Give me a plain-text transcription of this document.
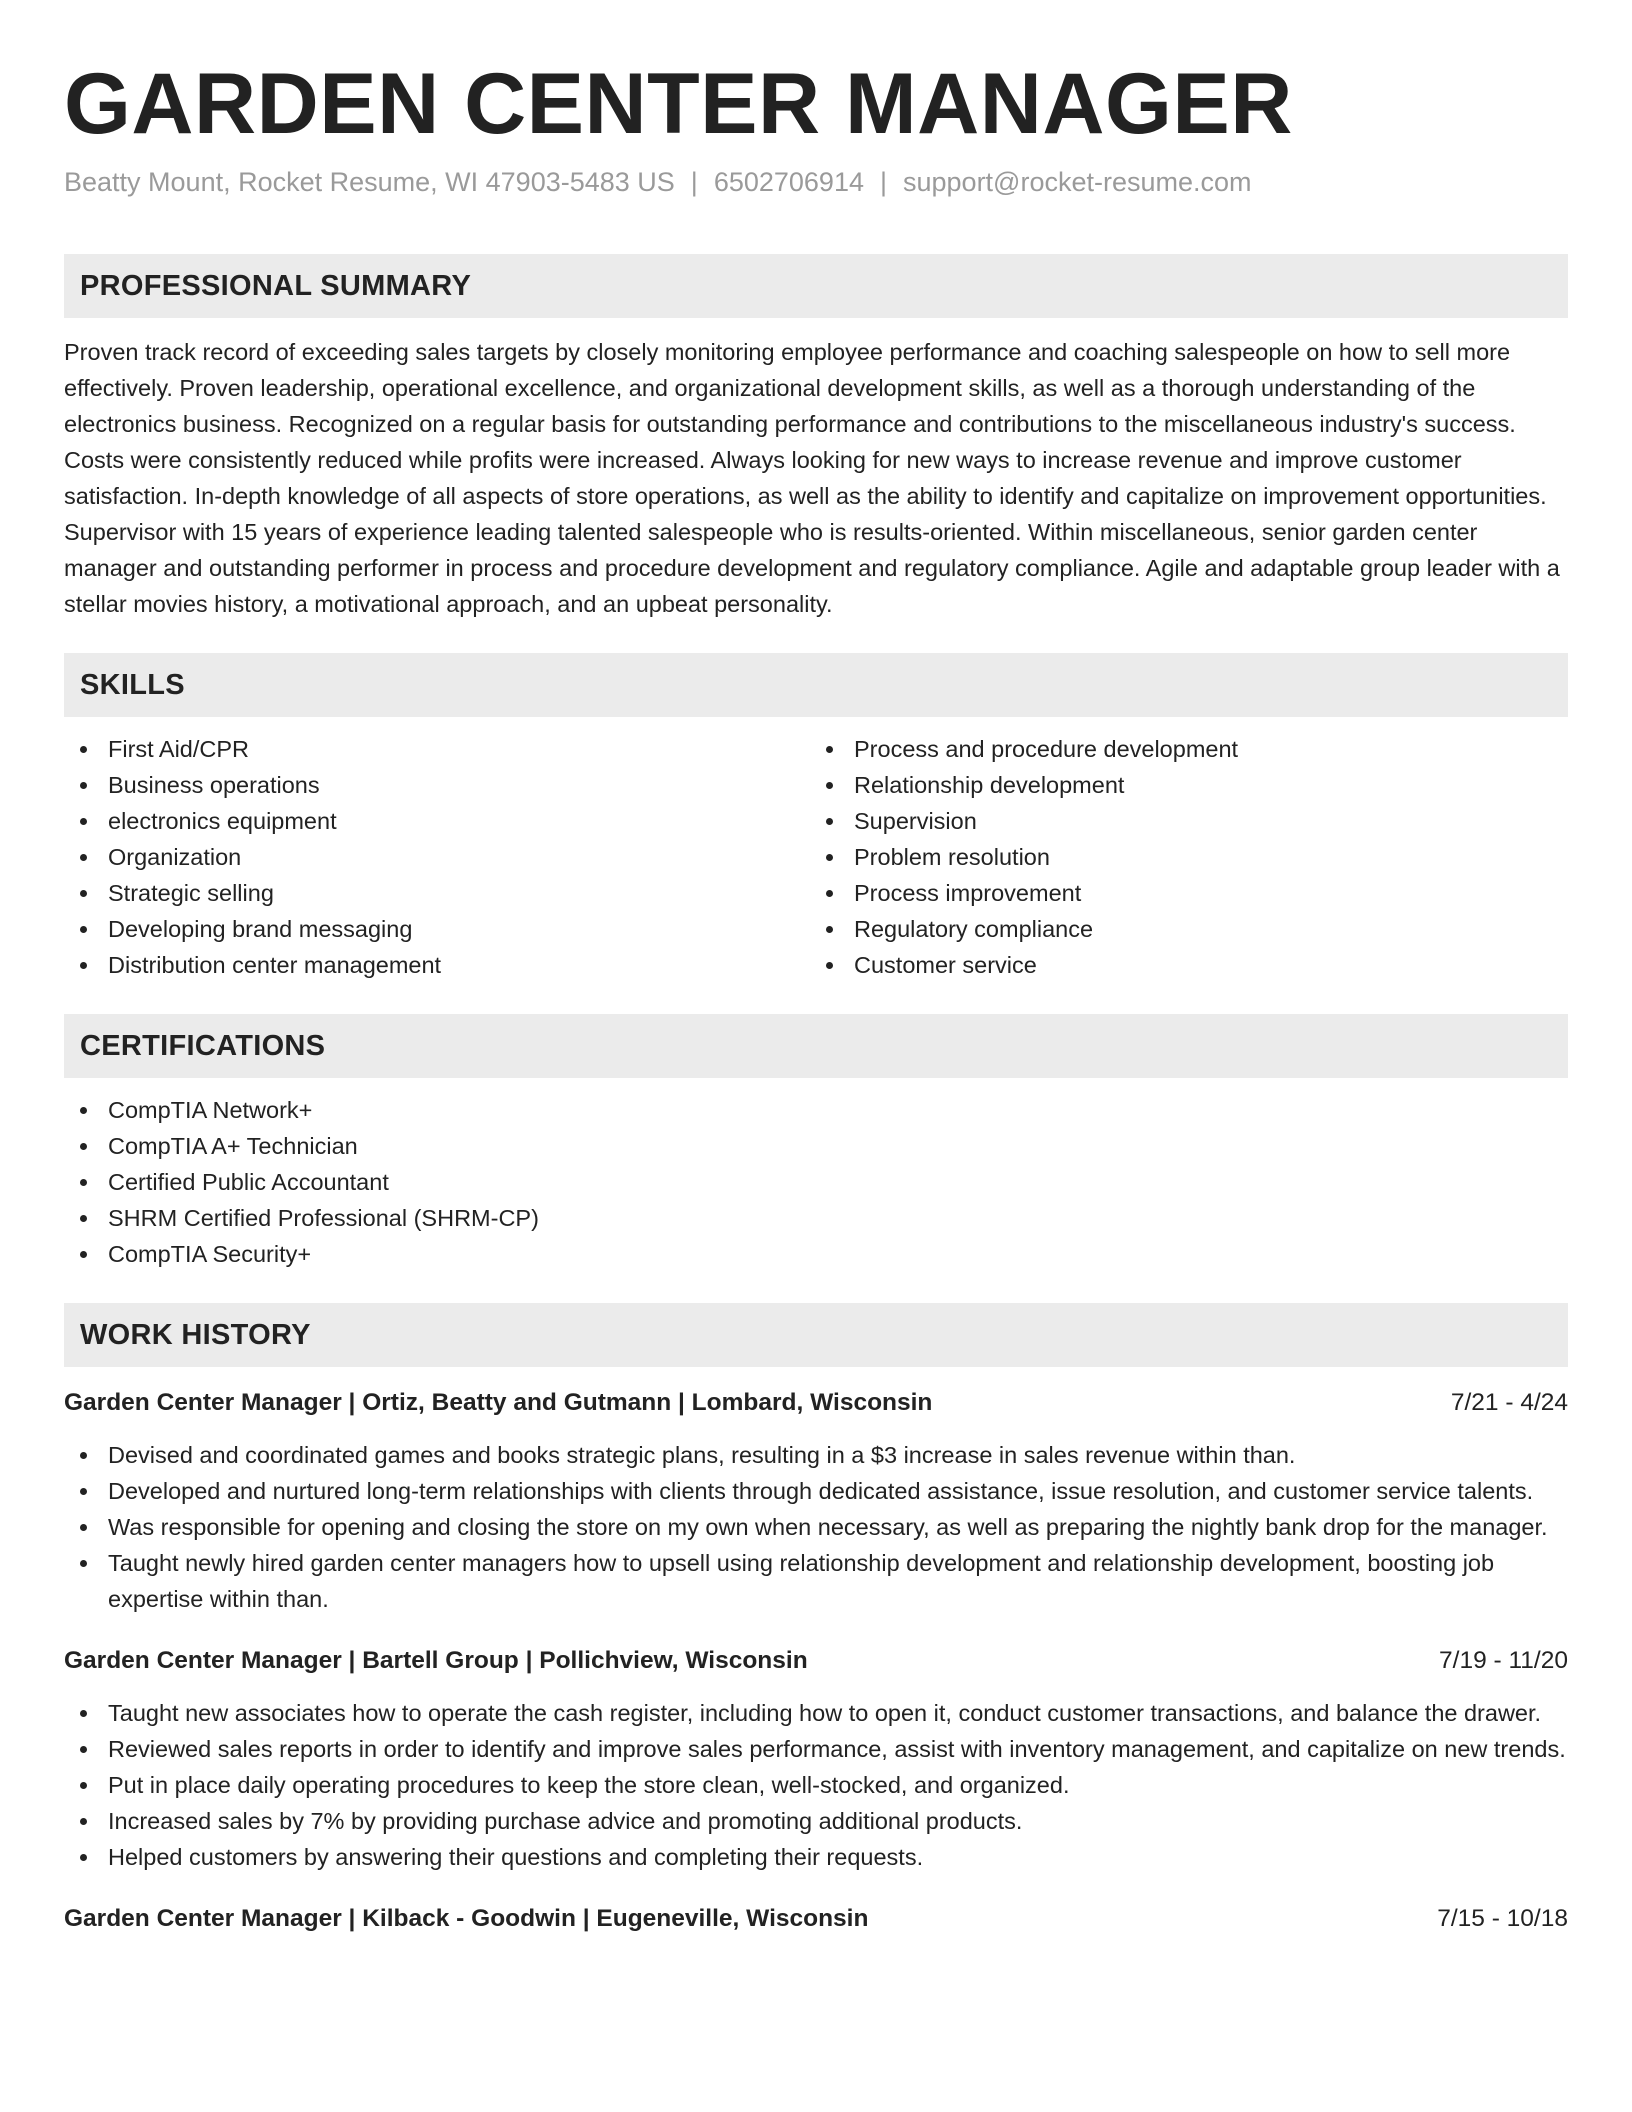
GARDEN CENTER MANAGER
Beatty Mount, Rocket Resume, WI 47903-5483 US | 6502706914 | support@rocket-resume.com
PROFESSIONAL SUMMARY

Proven track record of exceeding sales targets by closely monitoring employee performance and coaching salespeople on how to sell more effectively. Proven leadership, operational excellence, and organizational development skills, as well as a thorough understanding of the electronics business. Recognized on a regular basis for outstanding performance and contributions to the miscellaneous industry's success. Costs were consistently reduced while profits were increased. Always looking for new ways to increase revenue and improve customer satisfaction. In-depth knowledge of all aspects of store operations, as well as the ability to identify and capitalize on improvement opportunities. Supervisor with 15 years of experience leading talented salespeople who is results-oriented. Within miscellaneous, senior garden center manager and outstanding performer in process and procedure development and regulatory compliance. Agile and adaptable group leader with a stellar movies history, a motivational approach, and an upbeat personality.

SKILLS
First Aid/CPR
Business operations
electronics equipment
Organization
Strategic selling
Developing brand messaging
Distribution center management
Process and procedure development
Relationship development
Supervision
Problem resolution
Process improvement
Regulatory compliance
Customer service
CERTIFICATIONS
CompTIA Network+
CompTIA A+ Technician
Certified Public Accountant
SHRM Certified Professional (SHRM-CP)
CompTIA Security+
WORK HISTORY
Garden Center Manager | Ortiz, Beatty and Gutmann | Lombard, Wisconsin	7/21 - 4/24
Devised and coordinated games and books strategic plans, resulting in a $3 increase in sales revenue within than.
Developed and nurtured long-term relationships with clients through dedicated assistance, issue resolution, and customer service talents.
Was responsible for opening and closing the store on my own when necessary, as well as preparing the nightly bank drop for the manager.
Taught newly hired garden center managers how to upsell using relationship development and relationship development, boosting job expertise within than.
Garden Center Manager | Bartell Group | Pollichview, Wisconsin	7/19 - 11/20
Taught new associates how to operate the cash register, including how to open it, conduct customer transactions, and balance the drawer.
Reviewed sales reports in order to identify and improve sales performance, assist with inventory management, and capitalize on new trends.
Put in place daily operating procedures to keep the store clean, well-stocked, and organized.
Increased sales by 7% by providing purchase advice and promoting additional products.
Helped customers by answering their questions and completing their requests.
Garden Center Manager | Kilback - Goodwin | Eugeneville, Wisconsin	7/15 - 10/18
